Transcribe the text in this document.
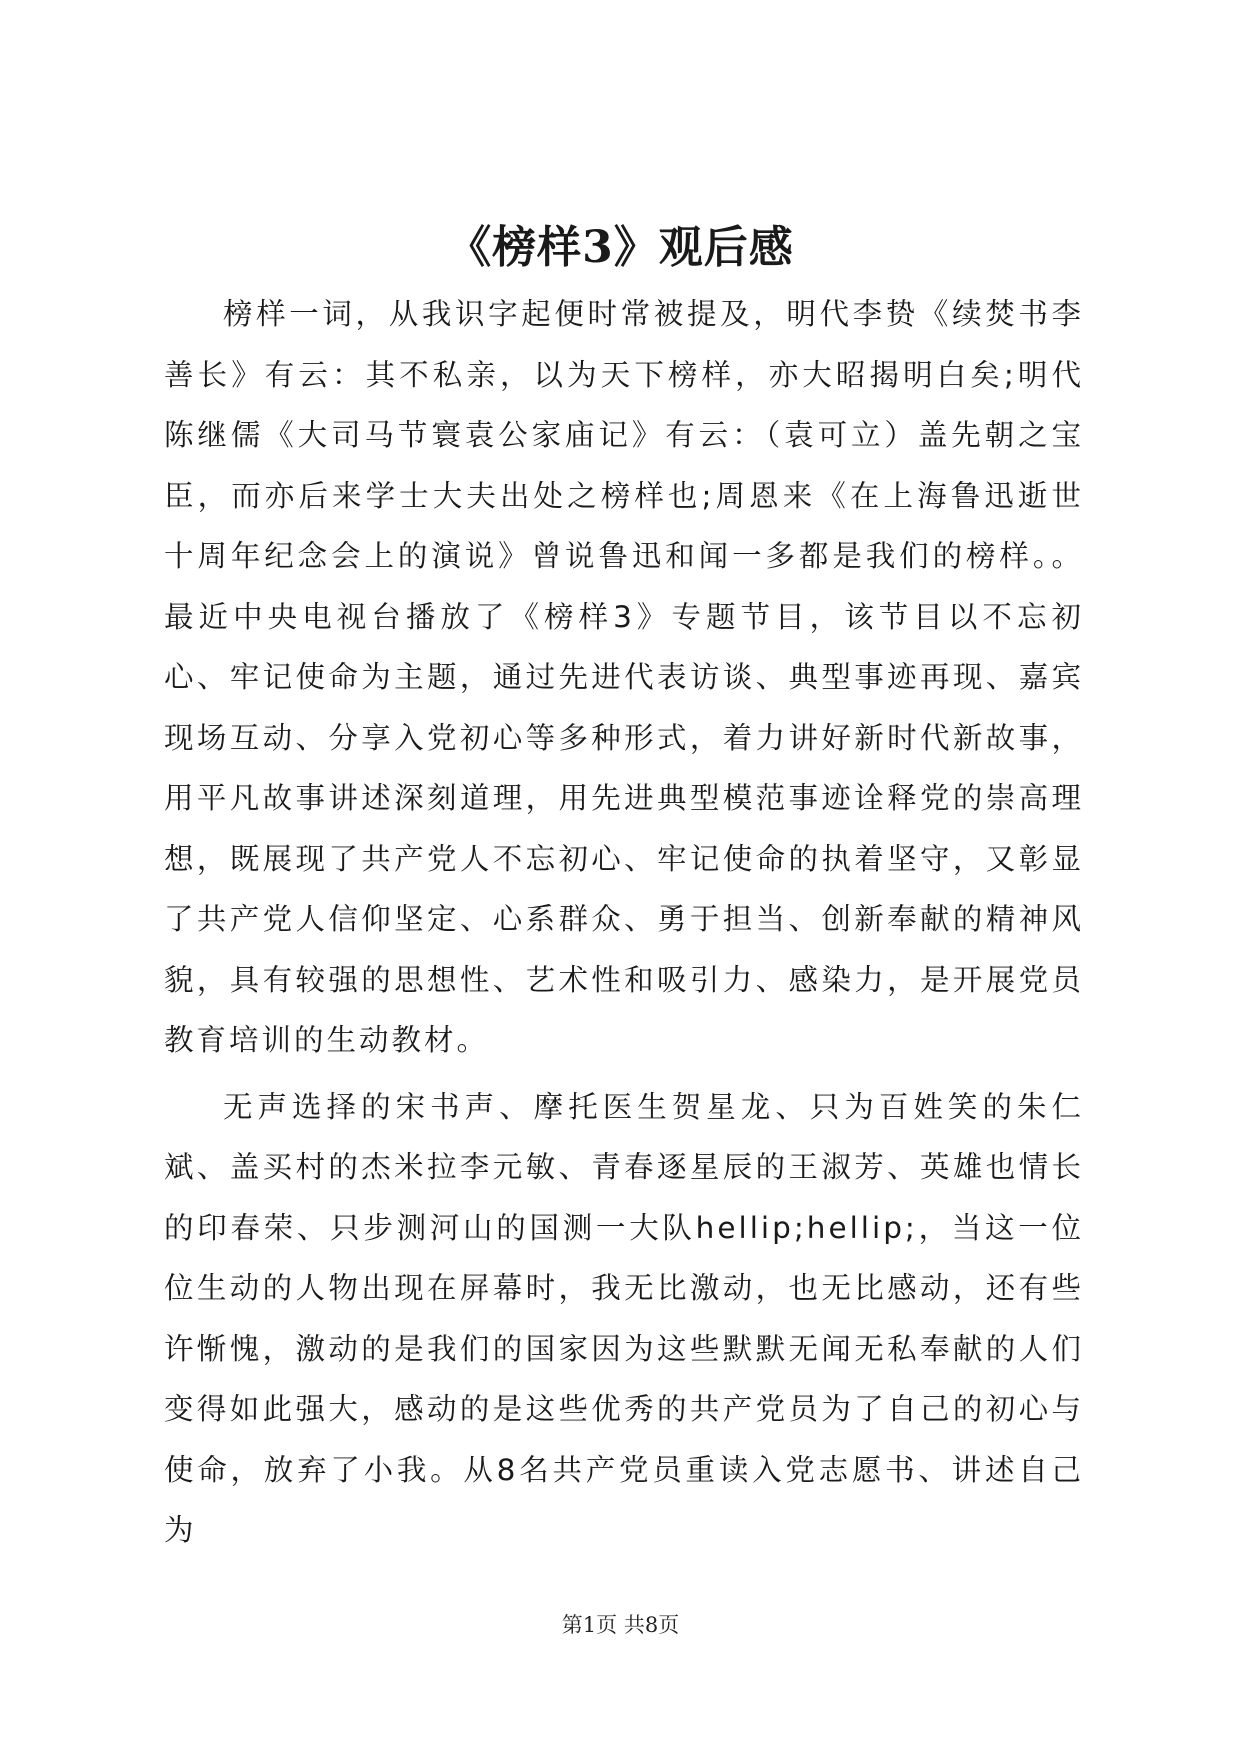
《榜样3》观后感

榜样一词，从我识字起便时常被提及，明代李贽《续焚书李善长》有云：其不私亲，以为天下榜样，亦大昭揭明白矣;明代陈继儒《大司马节寰袁公家庙记》有云：（袁可立）盖先朝之宝臣，而亦后来学士大夫出处之榜样也;周恩来《在上海鲁迅逝世十周年纪念会上的演说》曾说鲁迅和闻一多都是我们的榜样。。最近中央电视台播放了《榜样3》专题节目，该节目以不忘初心、牢记使命为主题，通过先进代表访谈、典型事迹再现、嘉宾现场互动、分享入党初心等多种形式，着力讲好新时代新故事，用平凡故事讲述深刻道理，用先进典型模范事迹诠释党的崇高理想，既展现了共产党人不忘初心、牢记使命的执着坚守，又彰显了共产党人信仰坚定、心系群众、勇于担当、创新奉献的精神风貌，具有较强的思想性、艺术性和吸引力、感染力，是开展党员教育培训的生动教材。

无声选择的宋书声、摩托医生贺星龙、只为百姓笑的朱仁斌、盖买村的杰米拉李元敏、青春逐星辰的王淑芳、英雄也情长的印春荣、只步测河山的国测一大队hellip;hellip;，当这一位位生动的人物出现在屏幕时，我无比激动，也无比感动，还有些许惭愧，激动的是我们的国家因为这些默默无闻无私奉献的人们变得如此强大，感动的是这些优秀的共产党员为了自己的初心与使命，放弃了小我。从8名共产党员重读入党志愿书、讲述自己为

第1页 共8页
